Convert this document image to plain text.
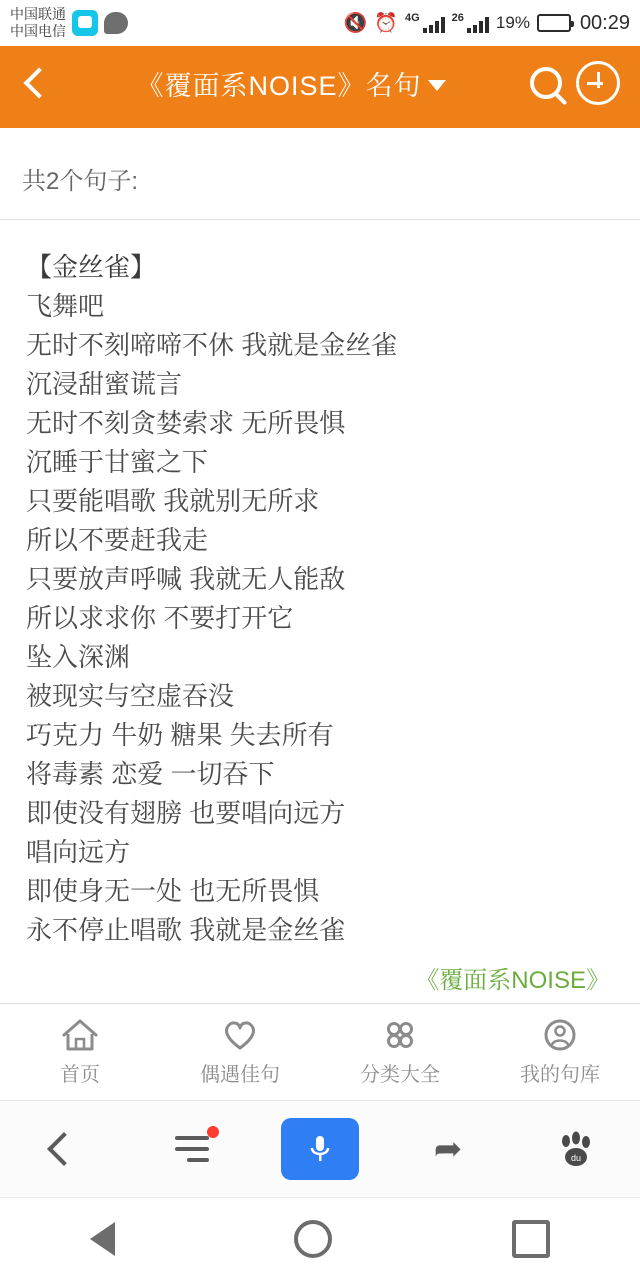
中国联通
中国电信	🔇 ⏰ 4G	26 19%	00:29
《覆面系NOISE》名句
共2个句子:
【金丝雀】
飞舞吧
无时不刻啼啼不休 我就是金丝雀
沉浸甜蜜谎言
无时不刻贪婪索求 无所畏惧
沉睡于甘蜜之下
只要能唱歌 我就别无所求
所以不要赶我走
只要放声呼喊 我就无人能敌
所以求求你 不要打开它
坠入深渊
被现实与空虚吞没
巧克力 牛奶 糖果 失去所有
将毒素 恋爱 一切吞下
即使没有翅膀 也要唱向远方
唱向远方
即使身无一处 也无所畏惧
永不停止唱歌 我就是金丝雀
《覆面系NOISE》
首页	偶遇佳句	分类大全	我的句库
➦	du
